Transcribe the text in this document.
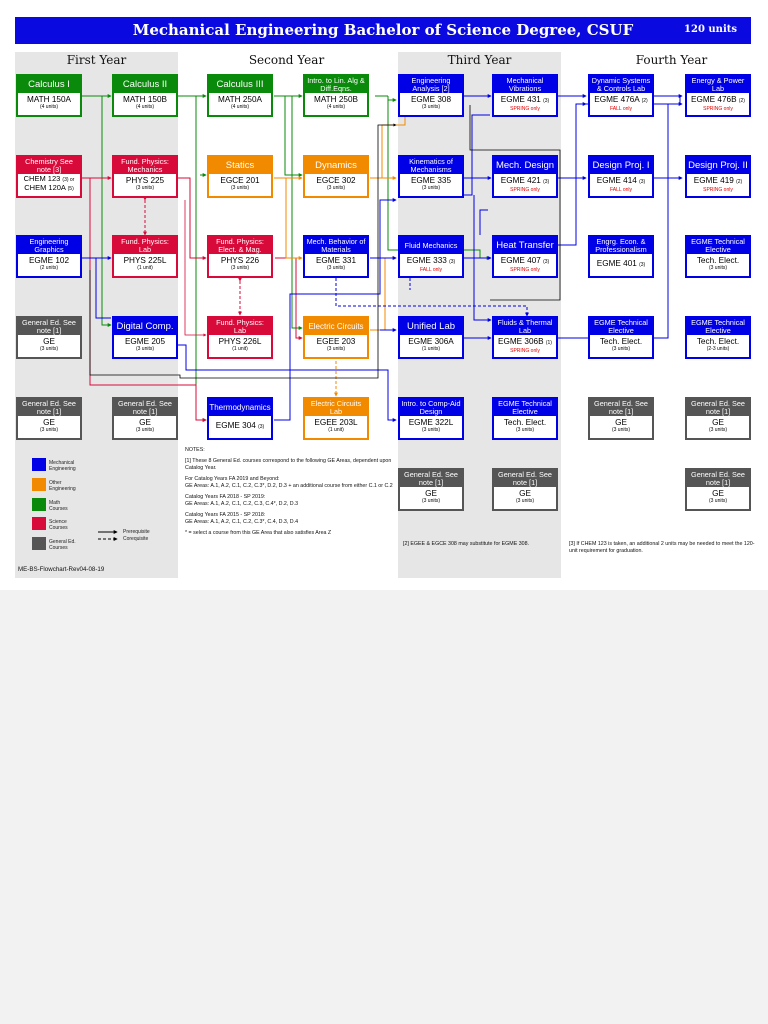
Mechanical Engineering Bachelor of Science Degree, CSUF	120 units
First Year	Second Year	Third Year	Fourth Year
Calculus I
MATH 150A
(4 units)
Calculus II
MATH 150B
(4 units)
Calculus III
MATH 250A
(4 units)
Intro. to Lin. Alg & Diff.Eqns.
MATH 250B
(4 units)
Engineering Analysis [2]
EGME 308
(3 units)
Mechanical Vibrations
EGME 431 (3)
SPRING only
Dynamic Systems & Controls Lab
EGME 476A (2)
FALL only
Energy & Power Lab
EGME 476B (2)
SPRING only
Chemistry See note [3]
CHEM 123 (3) or
CHEM 120A (5)
Fund. Physics: Mechanics
PHYS 225
(3 units)
Statics
EGCE 201
(3 units)
Dynamics
EGCE 302
(3 units)
Kinematics of Mechanisms
EGME 335
(3 units)
Mech. Design
EGME 421 (3)
SPRING only
Design Proj. I
EGME 414 (3)
FALL only
Design Proj. II
EGME 419 (2)
SPRING only
Engineering Graphics
EGME 102
(2 units)
Fund. Physics: Lab
PHYS 225L
(1 unit)
Fund. Physics: Elect. & Mag.
PHYS 226
(3 units)
Mech. Behavior of Materials
EGME 331
(3 units)
Fluid Mechanics
EGME 333 (3)
FALL only
Heat Transfer
EGME 407 (3)
SPRING only
Engrg. Econ. & Professionalism
EGME 401 (3)
EGME Technical Elective
Tech. Elect.
(3 units)
General Ed. See note [1]
GE
(3 units)
Digital Comp.
EGME 205
(3 units)
Fund. Physics: Lab
PHYS 226L
(1 unit)
Electric Circuits
EGEE 203
(3 units)
Unified Lab
EGME 306A
(1 units)
Fluids & Thermal Lab
EGME 306B (1)
SPRING only
EGME Technical Elective
Tech. Elect.
(3 units)
EGME Technical Elective
Tech. Elect.
(2-3 units)
General Ed. See note [1]
GE
(3 units)
General Ed. See note [1]
GE
(3 units)
Thermodynamics
EGME 304 (3)
Electric Circuits Lab
EGEE 203L
(1 unit)
Intro. to Comp-Aid Design
EGME 322L
(3 units)
EGME Technical Elective
Tech. Elect.
(3 units)
General Ed. See note [1]
GE
(3 units)
General Ed. See note [1]
GE
(3 units)
General Ed. See note [1]
GE
(3 units)
General Ed. See note [1]
GE
(3 units)
General Ed. See note [1]
GE
(3 units)
Mechanical Engineering
Other Engineering
Math Courses
Science Courses
General Ed. Courses
Prerequisite
Corequisite
NOTES:
[1] These 8 General Ed. courses correspond to the following GE Areas, dependent upon Catalog Year.
For Catalog Years FA 2019 and Beyond:
GE Areas: A.1, A.2, C.1, C.2, C.3*, D.2, D.3 + an additional course from either C.1 or C.2
Catalog Years FA 2018 - SP 2019:
GE Areas: A.1, A.2, C.1, C.2, C.3, C.4*, D.2, D.3
Catalog Years FA 2015 - SP 2018:
GE Areas: A.1, A.2, C.1, C.2, C.3*, C.4, D.3, D.4
* = select a course from this GE Area that also satisfies Area Z
[2] EGEE & EGCE 308 may substitute for EGME 308.	[3] If CHEM 123 is taken, an additional 2 units may be needed to meet the 120-unit requirement for graduation.
ME-BS-Flowchart-Rev04-08-19
